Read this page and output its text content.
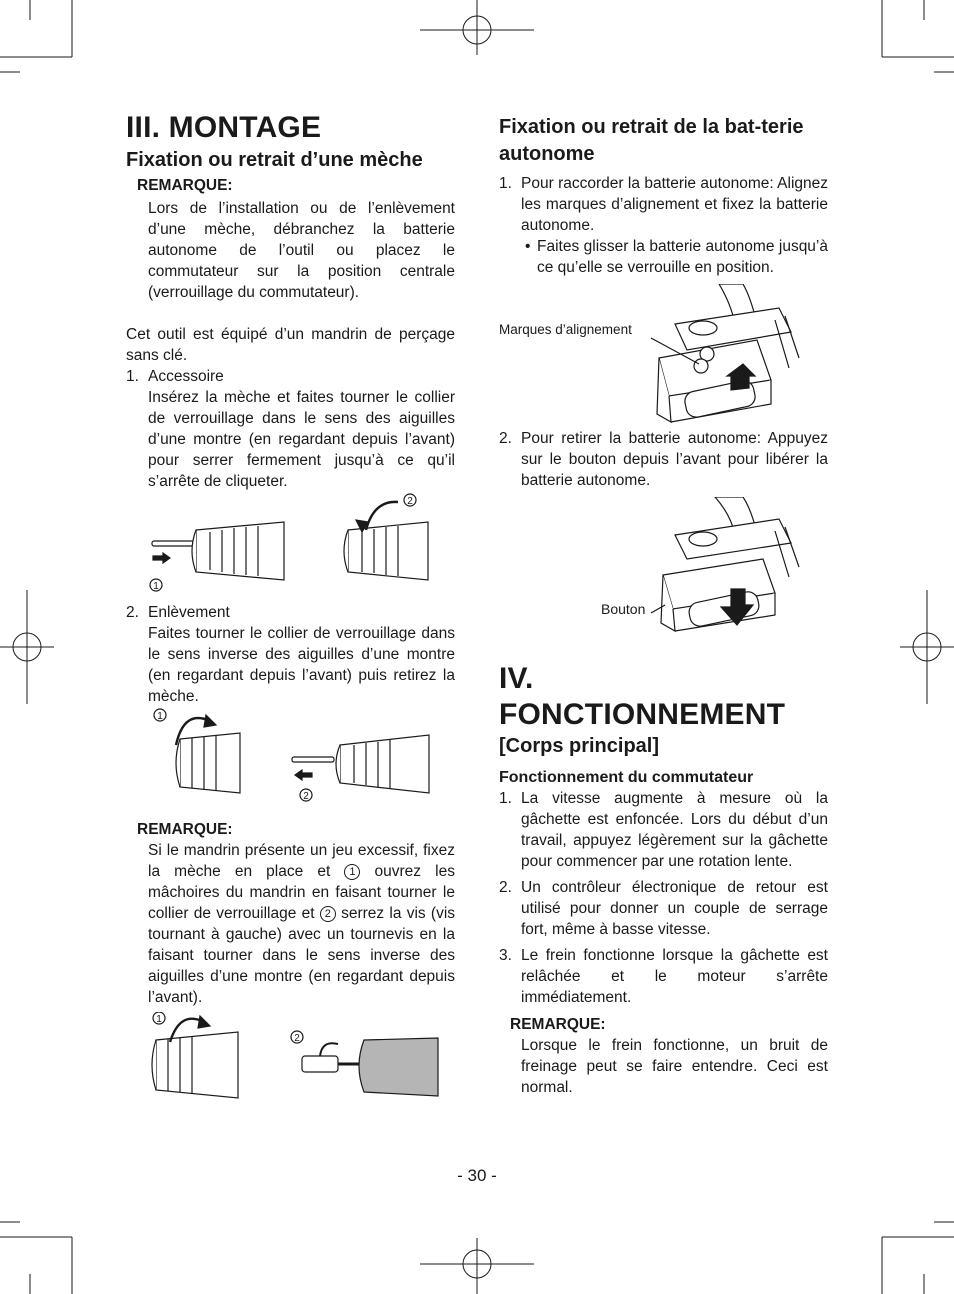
III. MONTAGE
Fixation ou retrait d’une mèche
REMARQUE:

Lors de l’installation ou de l’enlèvement d’une mèche, débranchez la batterie autonome de l’outil ou placez le commutateur sur la position centrale (verrouillage du commutateur).

Cet outil est équipé d’un mandrin de perçage sans clé.

1. Accessoire
Insérez la mèche et faites tourner le collier de verrouillage dans le sens des aiguilles d’une montre (en regardant depuis l’avant) pour serrer fermement jusqu’à ce qu’il s’arrête de cliqueter.
1
2
2. Enlèvement
Faites tourner le collier de verrouillage dans le sens inverse des aiguilles d’une montre (en regardant depuis l’avant) puis retirez la mèche.
1
2
REMARQUE:

Si le mandrin présente un jeu excessif, fixez la mèche en place et 1 ouvrez les mâchoires du mandrin en faisant tourner le collier de verrouillage et 2 serrez la vis (vis tournant à gauche) avec un tournevis en la faisant tourner dans le sens inverse des aiguilles d’une montre (en regardant depuis l’avant).

1
2
Fixation ou retrait de la bat-terie autonome
1. Pour raccorder la batterie autonome: Alignez les marques d’alignement et fixez la batterie autonome.
• Faites glisser la batterie autonome jusqu’à ce qu’elle se verrouille en position.
Marques d’alignement
2. Pour retirer la batterie autonome: Appuyez sur le bouton depuis l’avant pour libérer la batterie autonome.
Bouton
IV. FONCTIONNEMENT
[Corps principal]
Fonctionnement du commutateur
1. La vitesse augmente à mesure où la gâchette est enfoncée. Lors du début d’un travail, appuyez légèrement sur la gâchette pour commencer par une rotation lente.
2. Un contrôleur électronique de retour est utilisé pour donner un couple de serrage fort, même à basse vitesse.
3. Le frein fonctionne lorsque la gâchette est relâchée et le moteur s’arrête immédiatement.
REMARQUE:

Lorsque le frein fonctionne, un bruit de freinage peut se faire entendre. Ceci est normal.

- 30 -
